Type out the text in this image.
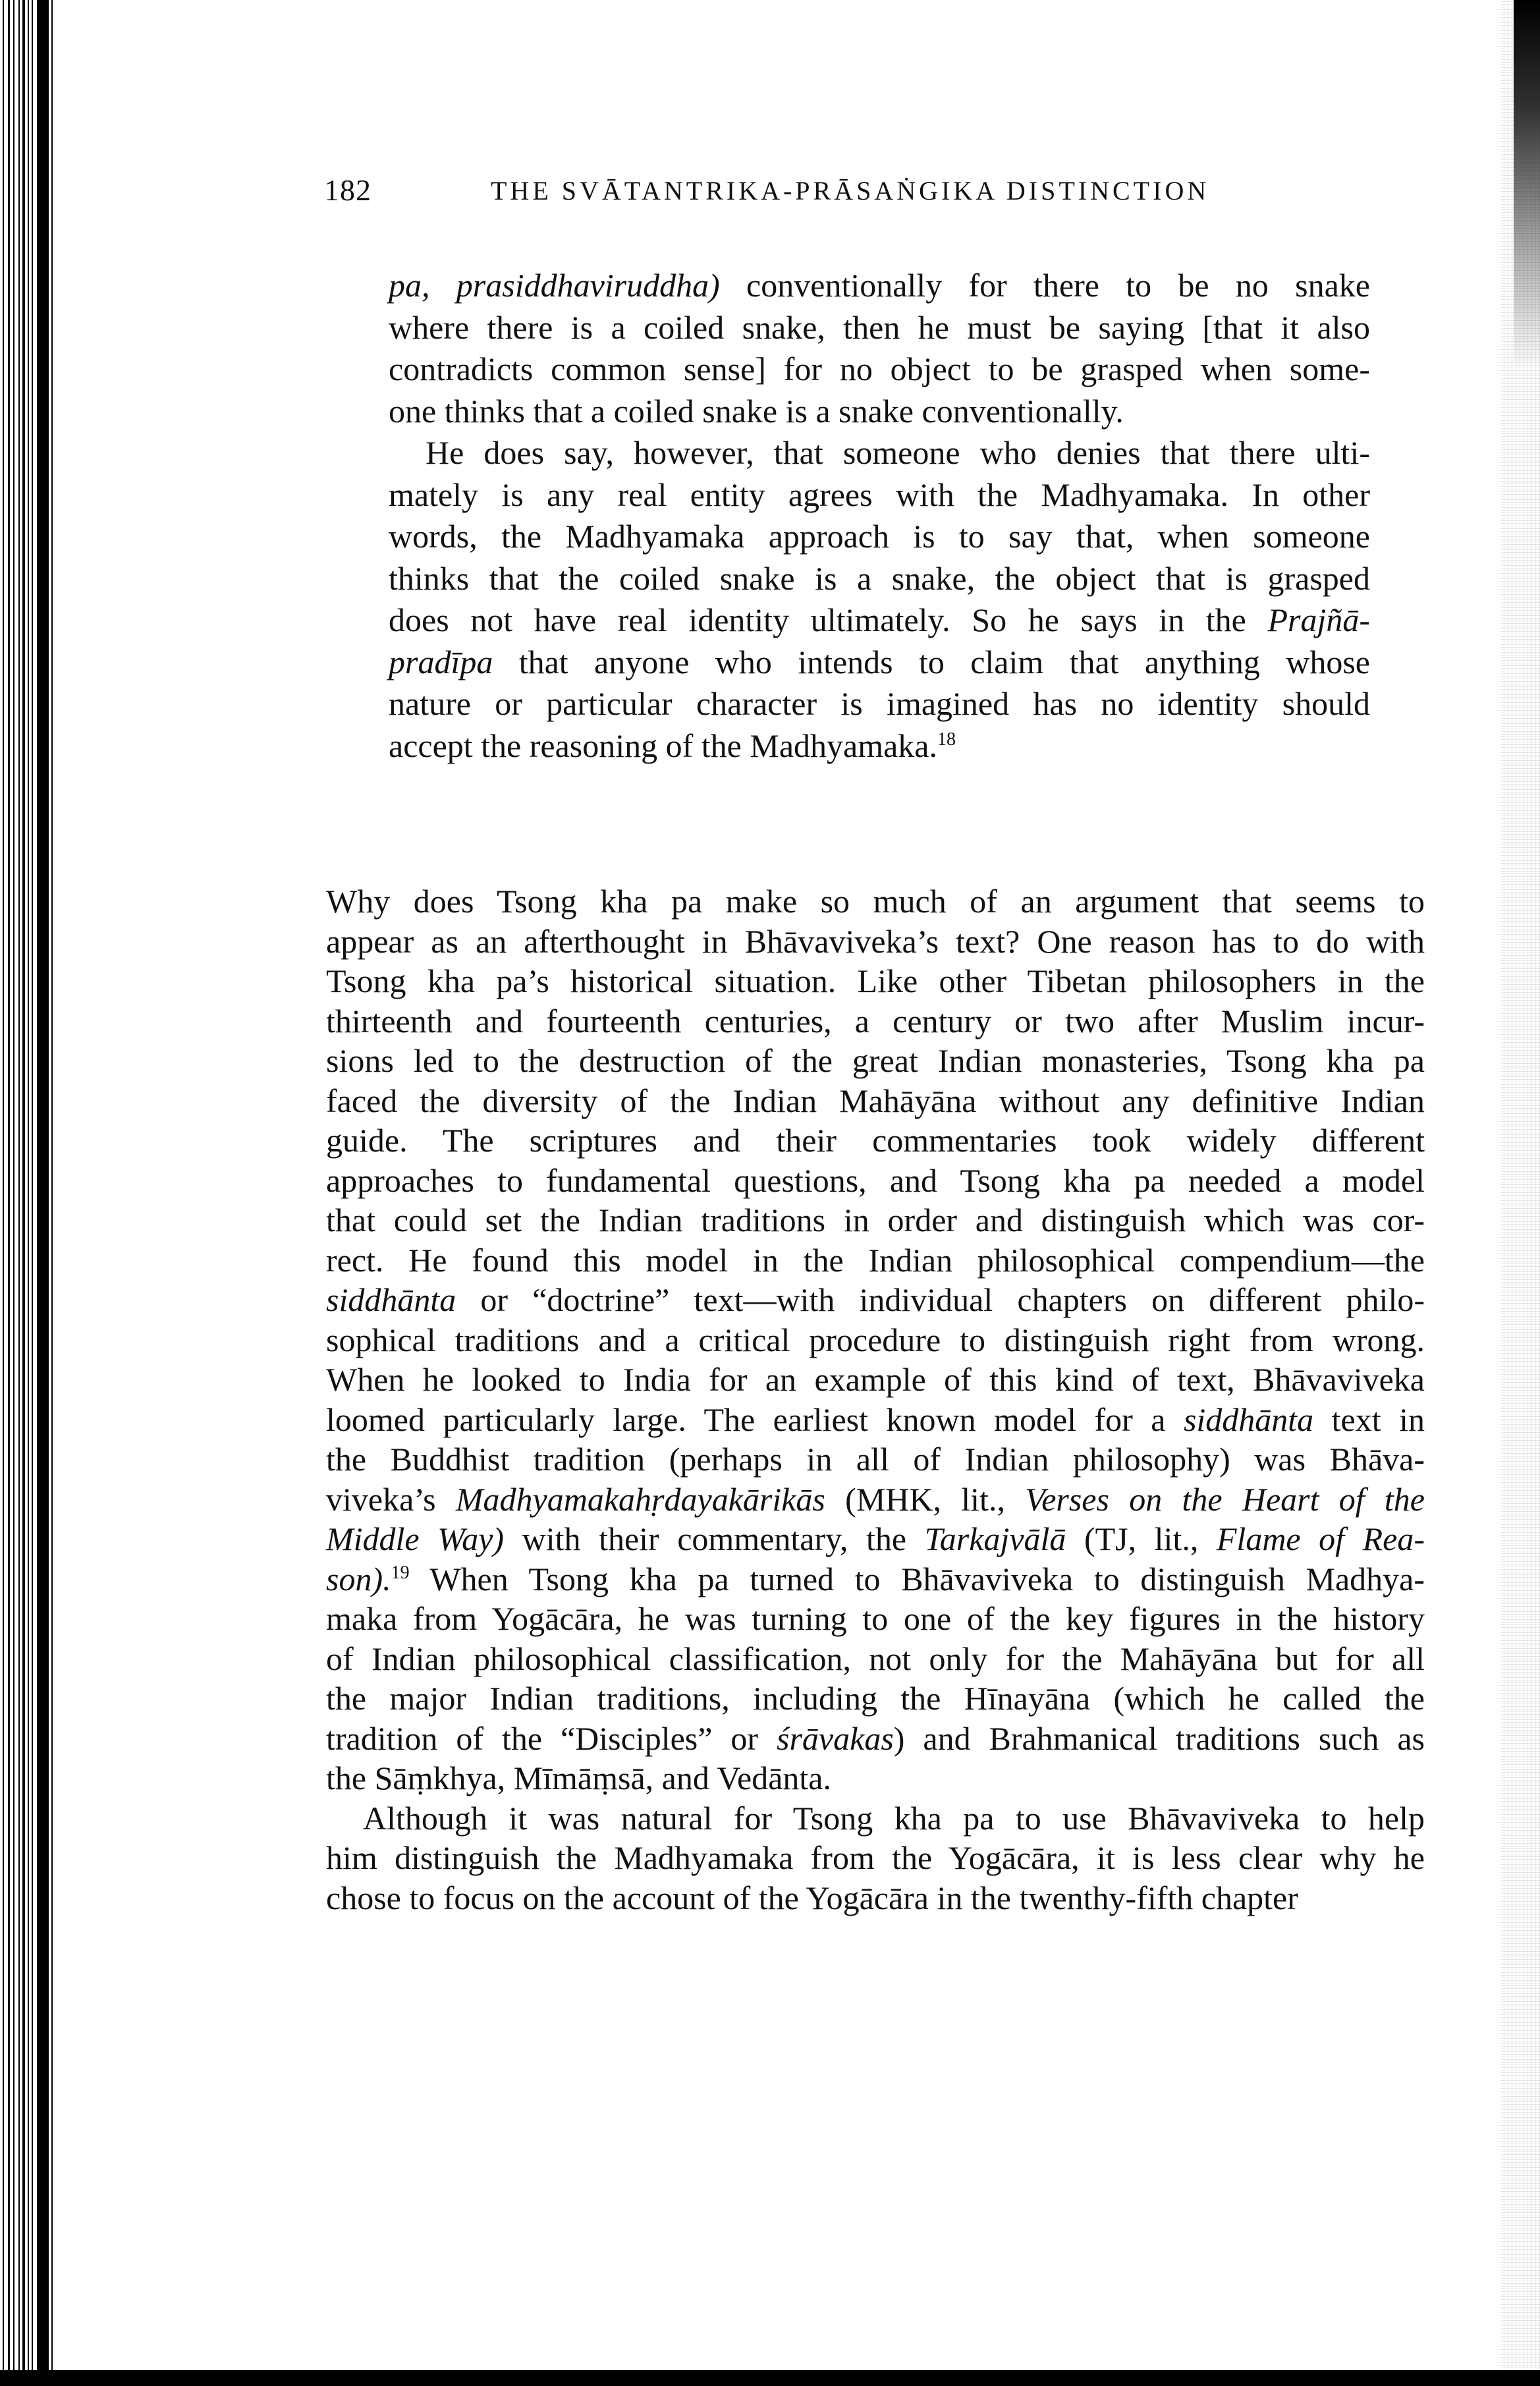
182	THE SVĀTANTRIKA-PRĀSAṄGIKA DISTINCTION

pa, prasiddhaviruddha) conventionally for there to be no snake
where there is a coiled snake, then he must be saying [that it also
contradicts common sense] for no object to be grasped when some-
one thinks that a coiled snake is a snake conventionally.

He does say, however, that someone who denies that there ulti-
mately is any real entity agrees with the Madhyamaka. In other
words, the Madhyamaka approach is to say that, when someone
thinks that the coiled snake is a snake, the object that is grasped
does not have real identity ultimately. So he says in the Prajñā-
pradīpa that anyone who intends to claim that anything whose
nature or particular character is imagined has no identity should
accept the reasoning of the Madhyamaka.$^{18}$

Why does Tsong kha pa make so much of an argument that seems to
appear as an afterthought in Bhāvaviveka’s text? One reason has to do with
Tsong kha pa’s historical situation. Like other Tibetan philosophers in the
thirteenth and fourteenth centuries, a century or two after Muslim incur-
sions led to the destruction of the great Indian monasteries, Tsong kha pa
faced the diversity of the Indian Mahāyāna without any definitive Indian
guide. The scriptures and their commentaries took widely different
approaches to fundamental questions, and Tsong kha pa needed a model
that could set the Indian traditions in order and distinguish which was cor-
rect. He found this model in the Indian philosophical compendium—the
siddhānta or “doctrine” text—with individual chapters on different philo-
sophical traditions and a critical procedure to distinguish right from wrong.
When he looked to India for an example of this kind of text, Bhāvaviveka
loomed particularly large. The earliest known model for a siddhānta text in
the Buddhist tradition (perhaps in all of Indian philosophy) was Bhāva-
viveka’s Madhyamakahṛdayakārikās (MHK, lit., Verses on the Heart of the
Middle Way) with their commentary, the Tarkajvālā (TJ, lit., Flame of Rea-
son).$^{19}$ When Tsong kha pa turned to Bhāvaviveka to distinguish Madhya-
maka from Yogācāra, he was turning to one of the key figures in the history
of Indian philosophical classification, not only for the Mahāyāna but for all
the major Indian traditions, including the Hīnayāna (which he called the
tradition of the “Disciples” or śrāvakas) and Brahmanical traditions such as
the Sāṃkhya, Mīmāṃsā, and Vedānta.

Although it was natural for Tsong kha pa to use Bhāvaviveka to help
him distinguish the Madhyamaka from the Yogācāra, it is less clear why he
chose to focus on the account of the Yogācāra in the twenthy-fifth chapter
